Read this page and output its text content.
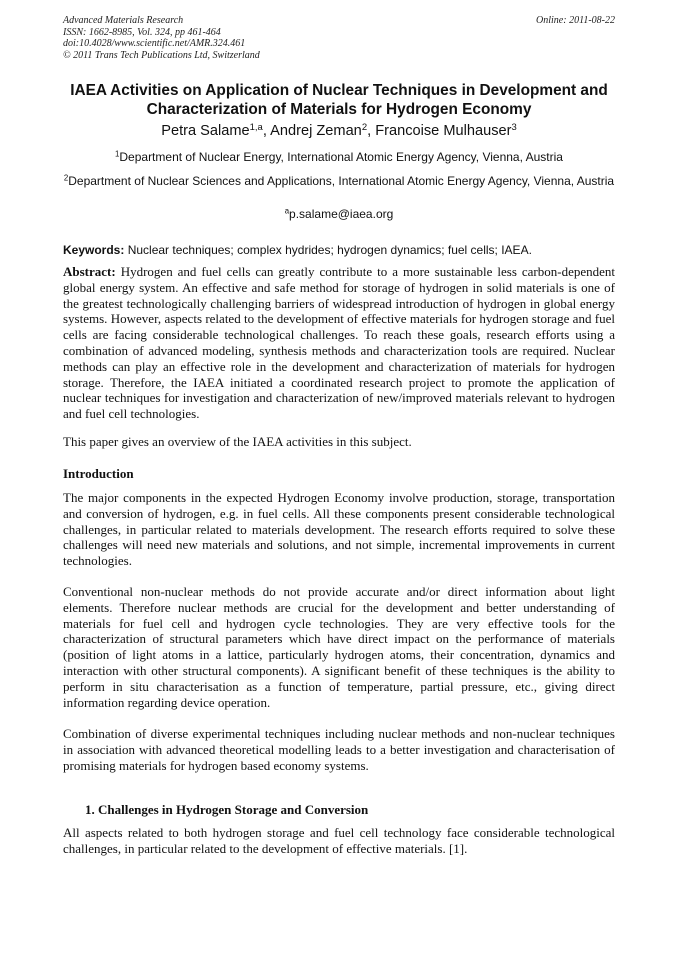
Advanced Materials Research
ISSN: 1662-8985, Vol. 324, pp 461-464
doi:10.4028/www.scientific.net/AMR.324.461
© 2011 Trans Tech Publications Ltd, Switzerland
Online: 2011-08-22
IAEA Activities on Application of Nuclear Techniques in Development and Characterization of Materials for Hydrogen Economy
Petra Salame$^{1,a}$, Andrej Zeman$^2$, Francoise Mulhauser$^3$
$^1$Department of Nuclear Energy, International Atomic Energy Agency, Vienna, Austria
$^2$Department of Nuclear Sciences and Applications, International Atomic Energy Agency, Vienna, Austria
$^a$p.salame@iaea.org
Keywords: Nuclear techniques; complex hydrides; hydrogen dynamics; fuel cells; IAEA.

Abstract: Hydrogen and fuel cells can greatly contribute to a more sustainable less carbon-dependent global energy system. An effective and safe method for storage of hydrogen in solid materials is one of the greatest technologically challenging barriers of widespread introduction of hydrogen in global energy systems. However, aspects related to the development of effective materials for hydrogen storage and fuel cells are facing considerable technological challenges. To reach these goals, research efforts using a combination of advanced modeling, synthesis methods and characterization tools are required. Nuclear methods can play an effective role in the development and characterization of materials for hydrogen storage. Therefore, the IAEA initiated a coordinated research project to promote the application of nuclear techniques for investigation and characterization of new/improved materials relevant to hydrogen and fuel cell technologies.

This paper gives an overview of the IAEA activities in this subject.

Introduction

The major components in the expected Hydrogen Economy involve production, storage, transportation and conversion of hydrogen, e.g. in fuel cells. All these components present considerable technological challenges, in particular related to materials development. The research efforts required to solve these challenges will need new materials and solutions, and not simple, incremental improvements in current technologies.

Conventional non-nuclear methods do not provide accurate and/or direct information about light elements. Therefore nuclear methods are crucial for the development and better understanding of materials for fuel cell and hydrogen cycle technologies. They are very effective tools for the characterization of structural parameters which have direct impact on the performance of materials (position of light atoms in a lattice, particularly hydrogen atoms, their concentration, dynamics and interaction with other structural components). A significant benefit of these techniques is the ability to perform in situ characterisation as a function of temperature, partial pressure, etc., giving direct information regarding device operation.

Combination of diverse experimental techniques including nuclear methods and non-nuclear techniques in association with advanced theoretical modelling leads to a better investigation and characterisation of promising materials for hydrogen based economy systems.

1. Challenges in Hydrogen Storage and Conversion

All aspects related to both hydrogen storage and fuel cell technology face considerable technological challenges, in particular related to the development of effective materials. [1].
